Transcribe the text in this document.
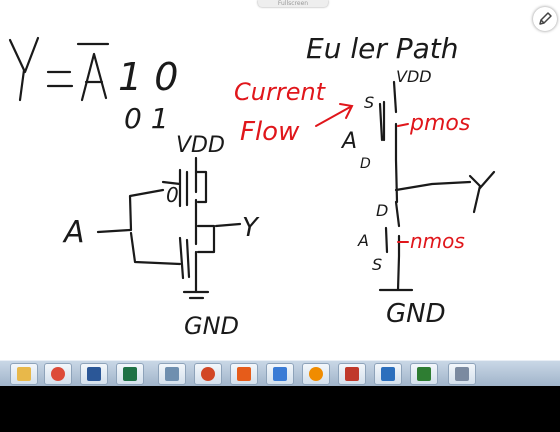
Fullscreen
Y A 1 0
0 1
VDD
0
A	Y
GND
Eu ler Path
VDD
S
A
D
Y
D
A
S
GND
Current
Flow	pmos
nmos
